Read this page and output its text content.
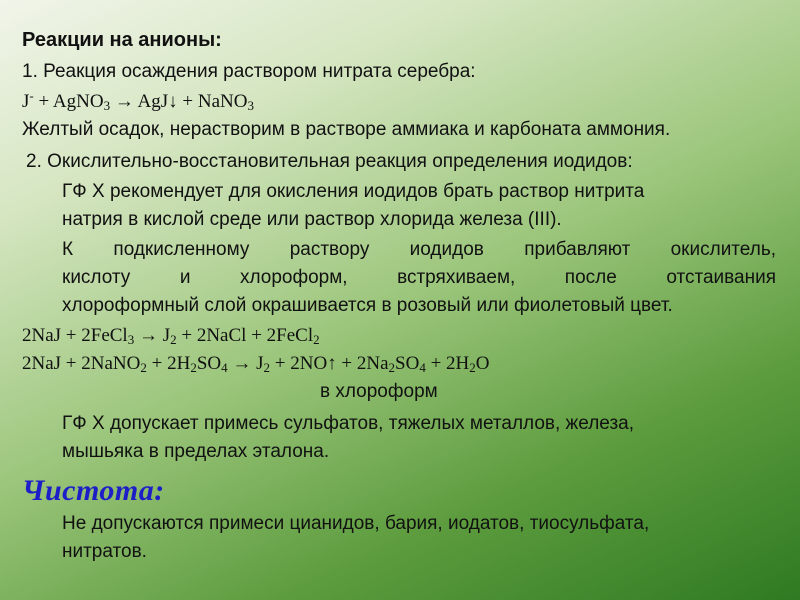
Реакции на анионы:
1. Реакция осаждения раствором нитрата серебра:
J- + AgNO$_3$ → AgJ↓ + NaNO$_3$
Желтый осадок, нерастворим в растворе аммиака и карбоната аммония.
2. Окислительно-восстановительная реакция определения иодидов:
ГФ Х рекомендует для окисления иодидов брать раствор нитрита
натрия в кислой среде или раствор хлорида железа (III).
К подкисленному раствору иодидов прибавляют окислитель,
кислоту и хлороформ, встряхиваем, после отстаивания
хлороформный слой окрашивается в розовый или фиолетовый цвет.
2NaJ + 2FeCl$_3$ → $J_2$ + 2NaCl + 2FeCl$_2$
2NaJ + 2NaNO$_2$ + $2H_2SO_4 \to J_2$ + 2NO↑ + $2Na_2SO_4 + 2H_2O$
в хлороформ
ГФ Х допускает примесь сульфатов, тяжелых металлов, железа,
мышьяка в пределах эталона.
Чистота:
Не допускаются примеси цианидов, бария, иодатов, тиосульфата,
нитратов.
